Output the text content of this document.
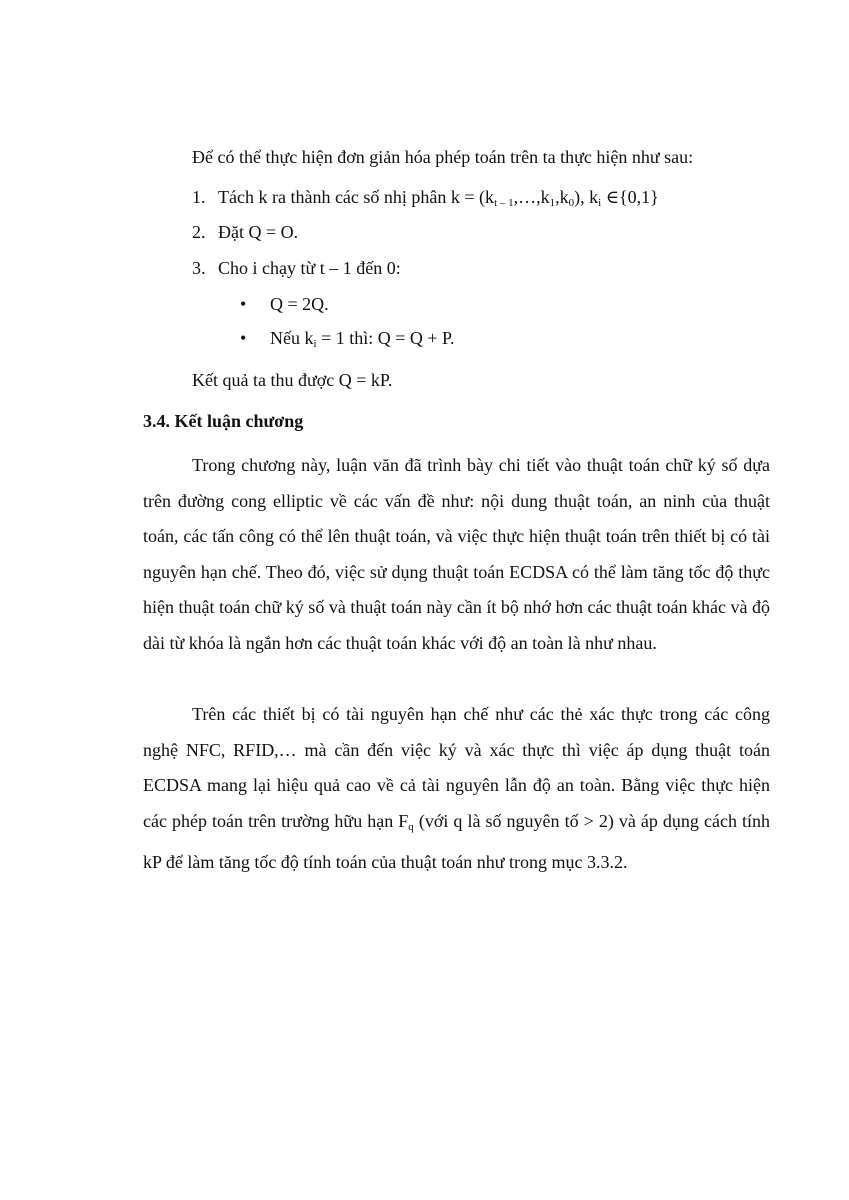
Để có thể thực hiện đơn giản hóa phép toán trên ta thực hiện như sau:

1. Tách k ra thành các số nhị phân $k = (k_{t - 1},\dots,k_1,k_0)$, $k_i$ ∈{0,1}

2. Đặt Q = O.

3. Cho i chạy từ t – 1 đến 0:

• Q = 2Q.

• Nếu $k_i = 1$ thì: Q = Q + P.

Kết quả ta thu được Q = kP.

3.4. Kết luận chương

Trong chương này, luận văn đã trình bày chi tiết vào thuật toán chữ ký số dựa trên đường cong elliptic về các vấn đề như: nội dung thuật toán, an ninh của thuật toán, các tấn công có thể lên thuật toán, và việc thực hiện thuật toán trên thiết bị có tài nguyên hạn chế. Theo đó, việc sử dụng thuật toán ECDSA có thể làm tăng tốc độ thực hiện thuật toán chữ ký số và thuật toán này cần ít bộ nhớ hơn các thuật toán khác và độ dài từ khóa là ngắn hơn các thuật toán khác với độ an toàn là như nhau.

Trên các thiết bị có tài nguyên hạn chế như các thẻ xác thực trong các công nghệ NFC, RFID,… mà cần đến việc ký và xác thực thì việc áp dụng thuật toán ECDSA mang lại hiệu quả cao về cả tài nguyên lẫn độ an toàn. Bằng việc thực hiện các phép toán trên trường hữu hạn Fq (với q là số nguyên tố > 2) và áp dụng cách tính kP để làm tăng tốc độ tính toán của thuật toán như trong mục 3.3.2.
